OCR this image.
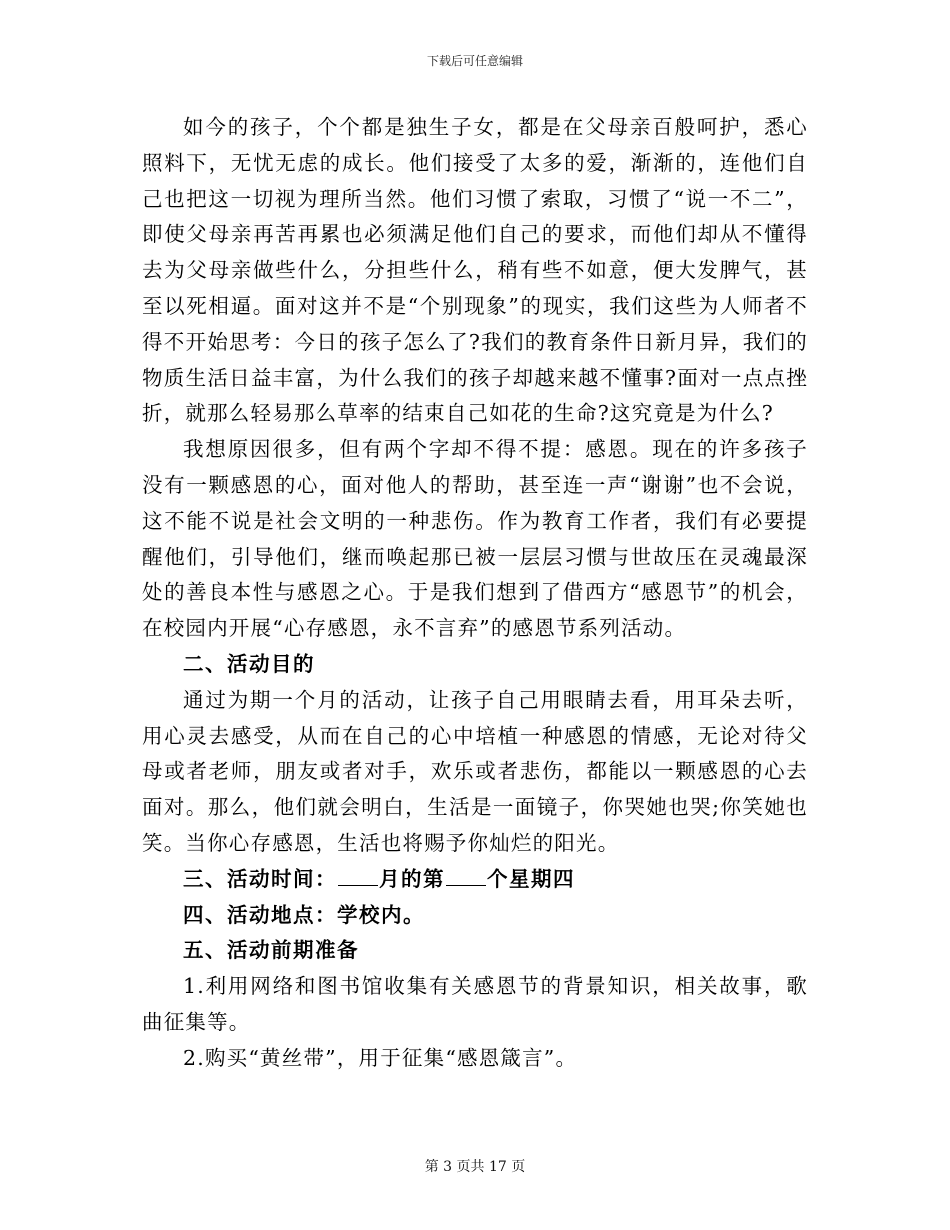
下载后可任意编辑

如今的孩子，个个都是独生子女，都是在父母亲百般呵护，悉心照料下，无忧无虑的成长。他们接受了太多的爱，渐渐的，连他们自己也把这一切视为理所当然。他们习惯了索取，习惯了“说一不二”，即使父母亲再苦再累也必须满足他们自己的要求，而他们却从不懂得去为父母亲做些什么，分担些什么，稍有些不如意，便大发脾气，甚至以死相逼。面对这并不是“个别现象”的现实，我们这些为人师者不得不开始思考：今日的孩子怎么了?我们的教育条件日新月异，我们的物质生活日益丰富，为什么我们的孩子却越来越不懂事?面对一点点挫折，就那么轻易那么草率的结束自己如花的生命?这究竟是为什么?

我想原因很多，但有两个字却不得不提：感恩。现在的许多孩子没有一颗感恩的心，面对他人的帮助，甚至连一声“谢谢”也不会说，这不能不说是社会文明的一种悲伤。作为教育工作者，我们有必要提醒他们，引导他们，继而唤起那已被一层层习惯与世故压在灵魂最深处的善良本性与感恩之心。于是我们想到了借西方“感恩节”的机会，在校园内开展“心存感恩，永不言弃”的感恩节系列活动。

二、活动目的

通过为期一个月的活动，让孩子自己用眼睛去看，用耳朵去听，用心灵去感受，从而在自己的心中培植一种感恩的情感，无论对待父母或者老师，朋友或者对手，欢乐或者悲伤，都能以一颗感恩的心去面对。那么，他们就会明白，生活是一面镜子，你哭她也哭;你笑她也笑。当你心存感恩，生活也将赐予你灿烂的阳光。

三、活动时间： 月的第 个星期四

四、活动地点：学校内。

五、活动前期准备

1.利用网络和图书馆收集有关感恩节的背景知识，相关故事，歌曲征集等。

2.购买“黄丝带”，用于征集“感恩箴言”。

第 3 页共 17 页
